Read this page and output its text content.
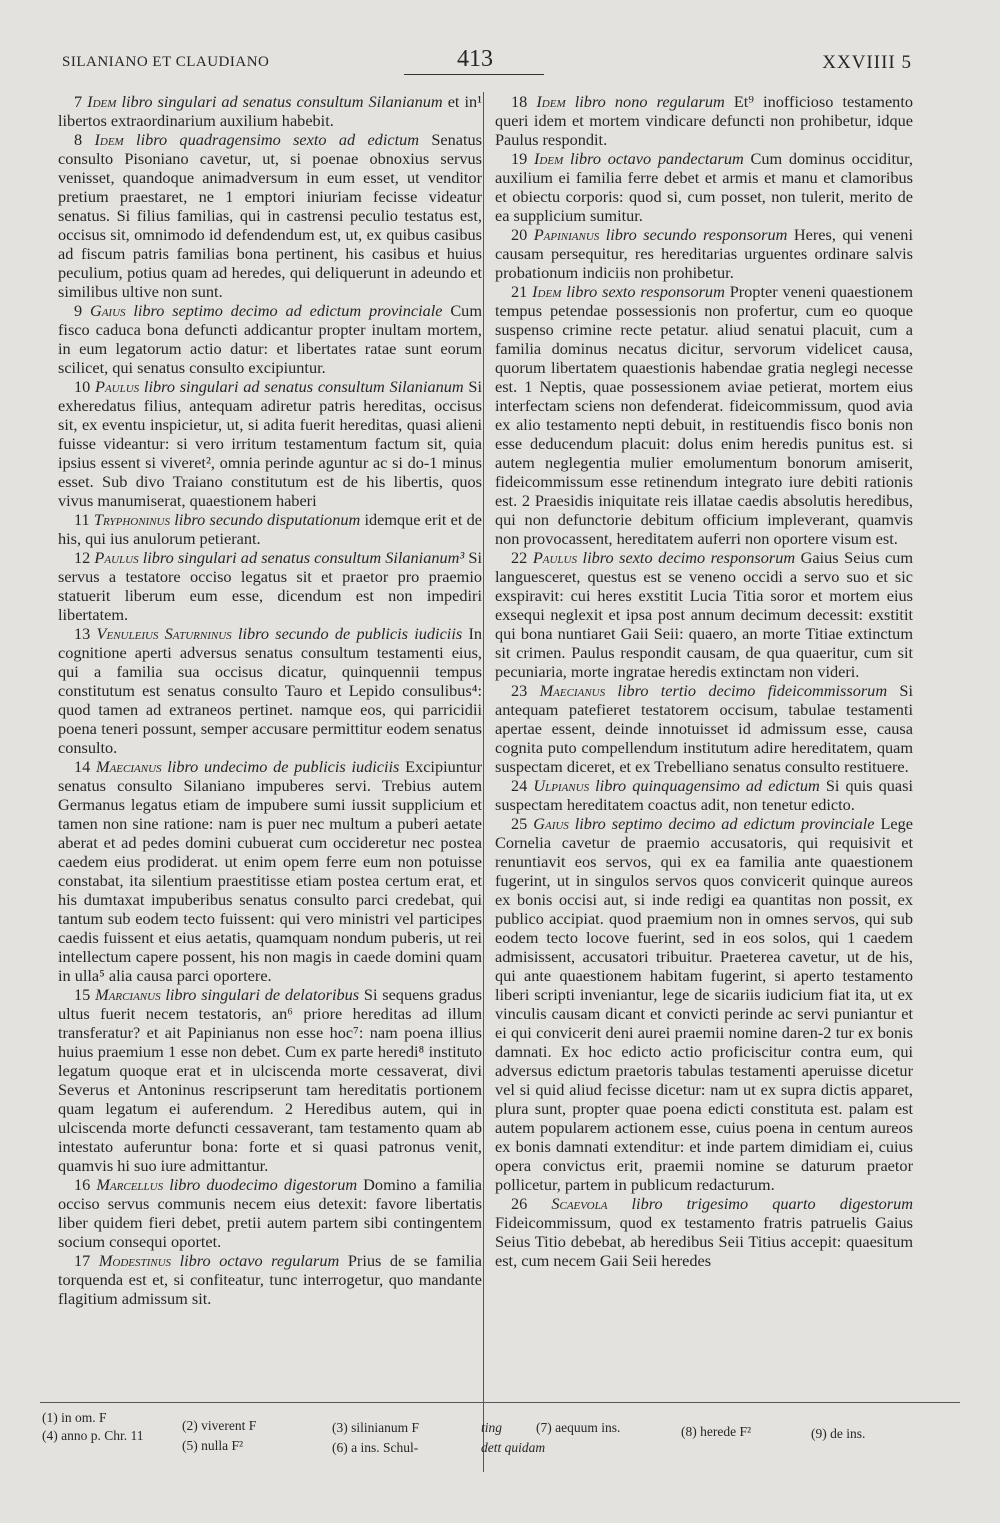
SILANIANO ET CLAUDIANO	413	XXVIIII 5

7 Idem libro singulari ad senatus consultum Silanianum et in¹ libertos extraordinarium auxilium habebit.

8 Idem libro quadragensimo sexto ad edictum Senatus consulto Pisoniano cavetur, ut, si poenae obnoxius servus venisset, quandoque animadversum in eum esset, ut venditor pretium praestaret, ne 1 emptori iniuriam fecisse videatur senatus. Si filius familias, qui in castrensi peculio testatus est, occisus sit, omnimodo id defendendum est, ut, ex quibus casibus ad fiscum patris familias bona pertinent, his casibus et huius peculium, potius quam ad heredes, qui deliquerunt in adeundo et similibus ultive non sunt.

9 Gaius libro septimo decimo ad edictum provinciale Cum fisco caduca bona defuncti addicantur propter inultam mortem, in eum legatorum actio datur: et libertates ratae sunt eorum scilicet, qui senatus consulto excipiuntur.

10 Paulus libro singulari ad senatus consultum Silanianum Si exheredatus filius, antequam adiretur patris hereditas, occisus sit, ex eventu inspicietur, ut, si adita fuerit hereditas, quasi alieni fuisse videantur: si vero irritum testamentum factum sit, quia ipsius essent si viveret², omnia perinde aguntur ac si do-1 minus esset. Sub divo Traiano constitutum est de his libertis, quos vivus manumiserat, quaestionem haberi

11 Tryphoninus libro secundo disputationum idemque erit et de his, qui ius anulorum petierant.

12 Paulus libro singulari ad senatus consultum Silanianum³ Si servus a testatore occiso legatus sit et praetor pro praemio statuerit liberum eum esse, dicendum est non impediri libertatem.

13 Venuleius Saturninus libro secundo de publicis iudiciis In cognitione aperti adversus senatus consultum testamenti eius, qui a familia sua occisus dicatur, quinquennii tempus constitutum est senatus consulto Tauro et Lepido consulibus⁴: quod tamen ad extraneos pertinet. namque eos, qui parricidii poena teneri possunt, semper accusare permittitur eodem senatus consulto.

14 Maecianus libro undecimo de publicis iudiciis Excipiuntur senatus consulto Silaniano impuberes servi. Trebius autem Germanus legatus etiam de impubere sumi iussit supplicium et tamen non sine ratione: nam is puer nec multum a puberi aetate aberat et ad pedes domini cubuerat cum occideretur nec postea caedem eius prodiderat. ut enim opem ferre eum non potuisse constabat, ita silentium praestitisse etiam postea certum erat, et his dumtaxat impuberibus senatus consulto parci credebat, qui tantum sub eodem tecto fuissent: qui vero ministri vel participes caedis fuissent et eius aetatis, quamquam nondum puberis, ut rei intellectum capere possent, his non magis in caede domini quam in ulla⁵ alia causa parci oportere.

15 Marcianus libro singulari de delatoribus Si sequens gradus ultus fuerit necem testatoris, an⁶ priore hereditas ad illum transferatur? et ait Papinianus non esse hoc⁷: nam poena illius huius praemium 1 esse non debet. Cum ex parte heredi⁸ instituto legatum quoque erat et in ulciscenda morte cessaverat, divi Severus et Antoninus rescripserunt tam hereditatis portionem quam legatum ei auferendum. 2 Heredibus autem, qui in ulciscenda morte defuncti cessaverant, tam testamento quam ab intestato auferuntur bona: forte et si quasi patronus venit, quamvis hi suo iure admittantur.

16 Marcellus libro duodecimo digestorum Domino a familia occiso servus communis necem eius detexit: favore libertatis liber quidem fieri debet, pretii autem partem sibi contingentem socium consequi oportet.

17 Modestinus libro octavo regularum Prius de se familia torquenda est et, si confiteatur, tunc interrogetur, quo mandante flagitium admissum sit.

18 Idem libro nono regularum Et⁹ inofficioso testamento queri idem et mortem vindicare defuncti non prohibetur, idque Paulus respondit.

19 Idem libro octavo pandectarum Cum dominus occiditur, auxilium ei familia ferre debet et armis et manu et clamoribus et obiectu corporis: quod si, cum posset, non tulerit, merito de ea supplicium sumitur.

20 Papinianus libro secundo responsorum Heres, qui veneni causam persequitur, res hereditarias urguentes ordinare salvis probationum indiciis non prohibetur.

21 Idem libro sexto responsorum Propter veneni quaestionem tempus petendae possessionis non profertur, cum eo quoque suspenso crimine recte petatur. aliud senatui placuit, cum a familia dominus necatus dicitur, servorum videlicet causa, quorum libertatem quaestionis habendae gratia neglegi necesse est. 1 Neptis, quae possessionem aviae petierat, mortem eius interfectam sciens non defenderat. fideicommissum, quod avia ex alio testamento nepti debuit, in restituendis fisco bonis non esse deducendum placuit: dolus enim heredis punitus est. si autem neglegentia mulier emolumentum bonorum amiserit, fideicommissum esse retinendum integrato iure debiti rationis est. 2 Praesidis iniquitate reis illatae caedis absolutis heredibus, qui non defunctorie debitum officium impleverant, quamvis non provocassent, hereditatem auferri non oportere visum est.

22 Paulus libro sexto decimo responsorum Gaius Seius cum languesceret, questus est se veneno occidi a servo suo et sic exspiravit: cui heres exstitit Lucia Titia soror et mortem eius exsequi neglexit et ipsa post annum decimum decessit: exstitit qui bona nuntiaret Gaii Seii: quaero, an morte Titiae extinctum sit crimen. Paulus respondit causam, de qua quaeritur, cum sit pecuniaria, morte ingratae heredis extinctam non videri.

23 Maecianus libro tertio decimo fideicommissorum Si antequam patefieret testatorem occisum, tabulae testamenti apertae essent, deinde innotuisset id admissum esse, causa cognita puto compellendum institutum adire hereditatem, quam suspectam diceret, et ex Trebelliano senatus consulto restituere.

24 Ulpianus libro quinquagensimo ad edictum Si quis quasi suspectam hereditatem coactus adit, non tenetur edicto.

25 Gaius libro septimo decimo ad edictum provinciale Lege Cornelia cavetur de praemio accusatoris, qui requisivit et renuntiavit eos servos, qui ex ea familia ante quaestionem fugerint, ut in singulos servos quos convicerit quinque aureos ex bonis occisi aut, si inde redigi ea quantitas non possit, ex publico accipiat. quod praemium non in omnes servos, qui sub eodem tecto locove fuerint, sed in eos solos, qui 1 caedem admisissent, accusatori tribuitur. Praeterea cavetur, ut de his, qui ante quaestionem habitam fugerint, si aperto testamento liberi scripti inveniantur, lege de sicariis iudicium fiat ita, ut ex vinculis causam dicant et convicti perinde ac servi puniantur et ei qui convicerit deni aurei praemii nomine daren-2 tur ex bonis damnati. Ex hoc edicto actio proficiscitur contra eum, qui adversus edictum praetoris tabulas testamenti aperuisse dicetur vel si quid aliud fecisse dicetur: nam ut ex supra dictis apparet, plura sunt, propter quae poena edicti constituta est. palam est autem popularem actionem esse, cuius poena in centum aureos ex bonis damnati extenditur: et inde partem dimidiam ei, cuius opera convictus erit, praemii nomine se daturum praetor pollicetur, partem in publicum redacturum.

26 Scaevola libro trigesimo quarto digestorum Fideicommissum, quod ex testamento fratris patruelis Gaius Seius Titio debebat, ab heredibus Seii Titius accepit: quaesitum est, cum necem Gaii Seii heredes

(1) in om. F
(4) anno p. Chr. 11
(2) viverent F
(5) nulla F²
(3) silinianum F
(6) a ins. Schul-
ting
dett quidam
(7) aequum ins.	(8) herede F²	(9) de ins.
